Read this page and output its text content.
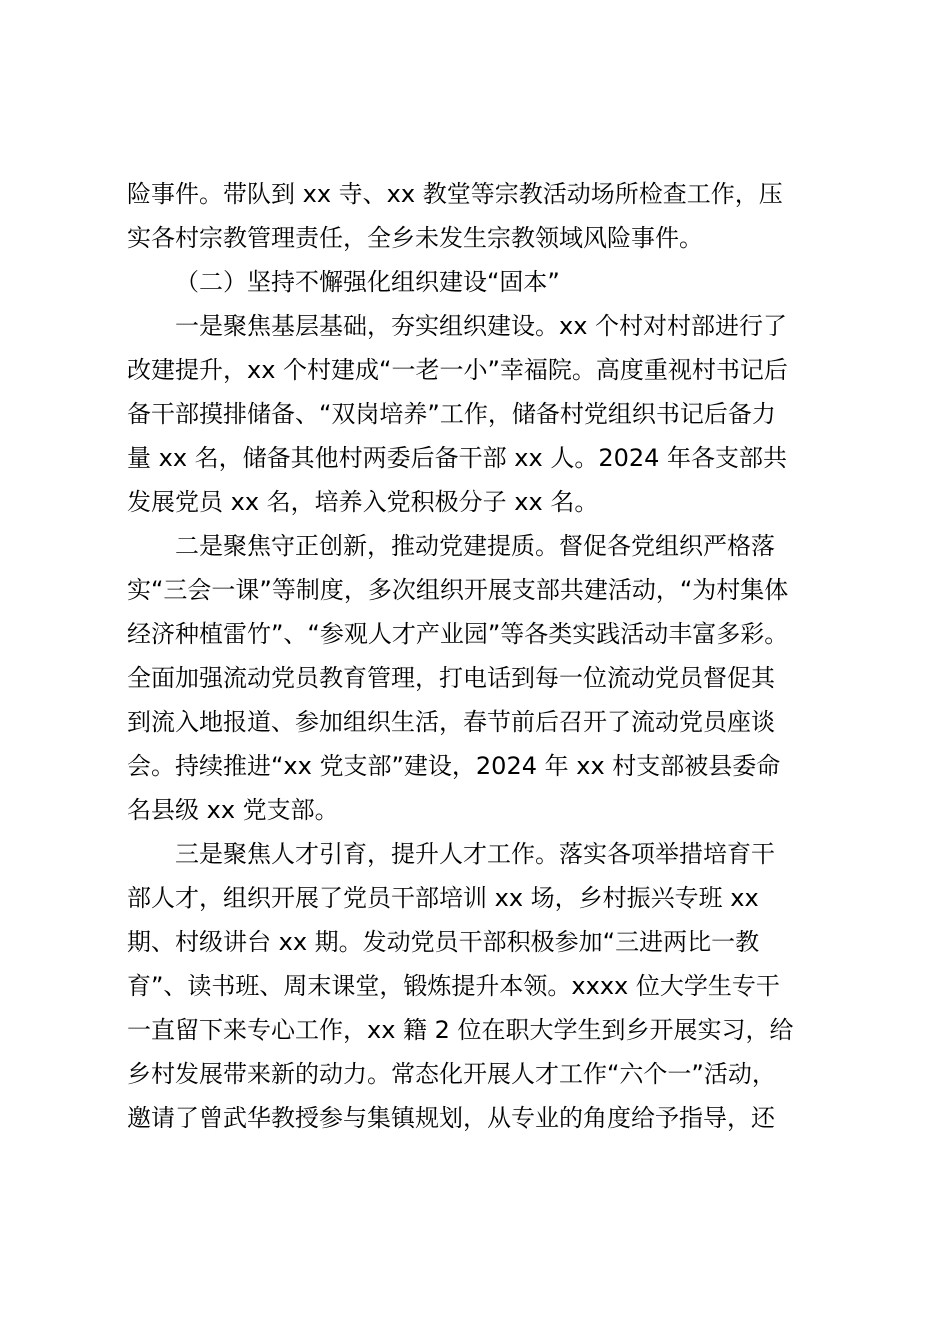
险事件。带队到 xx 寺、xx 教堂等宗教活动场所检查工作，压
实各村宗教管理责任，全乡未发生宗教领域风险事件。
（二）坚持不懈强化组织建设“固本”
一是聚焦基层基础，夯实组织建设。xx 个村对村部进行了
改建提升，xx 个村建成“一老一小”幸福院。高度重视村书记后
备干部摸排储备、“双岗培养”工作，储备村党组织书记后备力
量 xx 名，储备其他村两委后备干部 xx 人。2024 年各支部共
发展党员 xx 名，培养入党积极分子 xx 名。
二是聚焦守正创新，推动党建提质。督促各党组织严格落
实“三会一课”等制度，多次组织开展支部共建活动，“为村集体
经济种植雷竹”、“参观人才产业园”等各类实践活动丰富多彩。
全面加强流动党员教育管理，打电话到每一位流动党员督促其
到流入地报道、参加组织生活，春节前后召开了流动党员座谈
会。持续推进“xx 党支部”建设，2024 年 xx 村支部被县委命
名县级 xx 党支部。
三是聚焦人才引育，提升人才工作。落实各项举措培育干
部人才，组织开展了党员干部培训 xx 场，乡村振兴专班 xx
期、村级讲台 xx 期。发动党员干部积极参加“三进两比一教
育”、读书班、周末课堂，锻炼提升本领。xxxx 位大学生专干
一直留下来专心工作，xx 籍 2 位在职大学生到乡开展实习，给
乡村发展带来新的动力。常态化开展人才工作“六个一”活动，
邀请了曾武华教授参与集镇规划，从专业的角度给予指导，还
